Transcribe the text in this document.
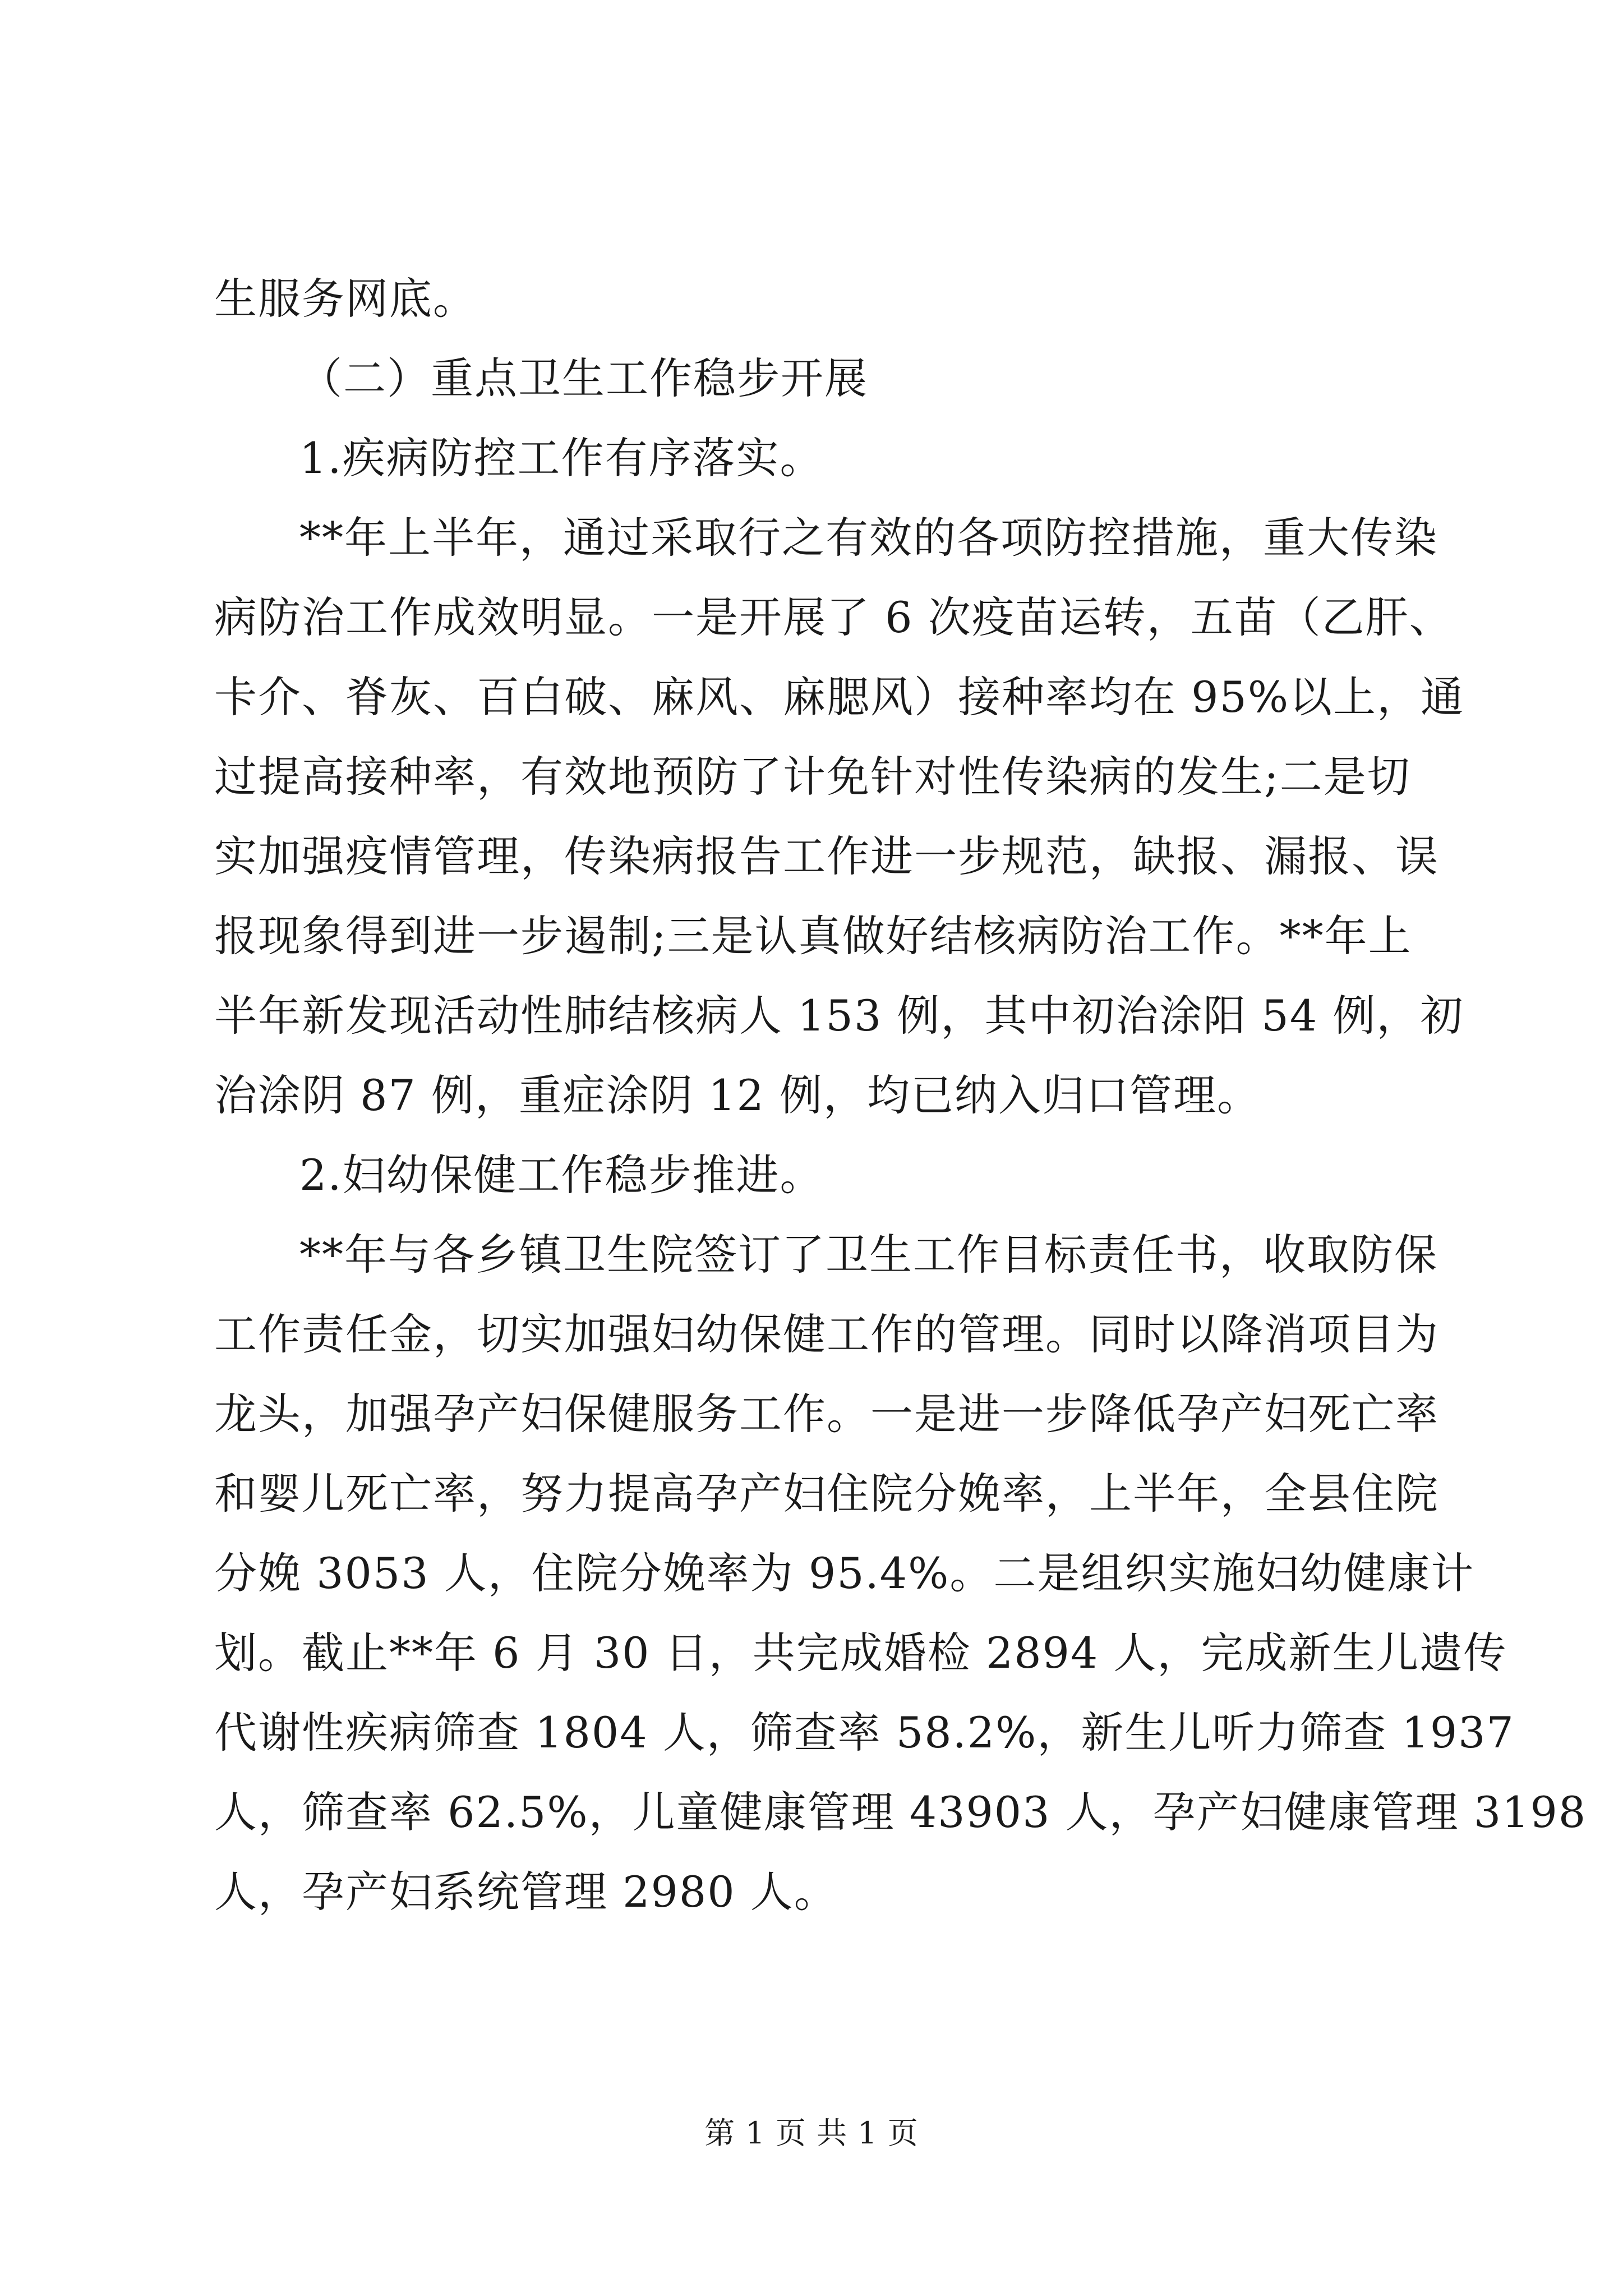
生服务网底。
（二）重点卫生工作稳步开展
1.疾病防控工作有序落实。
**年上半年，通过采取行之有效的各项防控措施，重大传染
病防治工作成效明显。一是开展了 6 次疫苗运转，五苗（乙肝、
卡介、脊灰、百白破、麻风、麻腮风）接种率均在 95%以上，通
过提高接种率，有效地预防了计免针对性传染病的发生;二是切
实加强疫情管理，传染病报告工作进一步规范，缺报、漏报、误
报现象得到进一步遏制;三是认真做好结核病防治工作。**年上
半年新发现活动性肺结核病人 153 例，其中初治涂阳 54 例，初
治涂阴 87 例，重症涂阴 12 例，均已纳入归口管理。
2.妇幼保健工作稳步推进。
**年与各乡镇卫生院签订了卫生工作目标责任书，收取防保
工作责任金，切实加强妇幼保健工作的管理。同时以降消项目为
龙头，加强孕产妇保健服务工作。一是进一步降低孕产妇死亡率
和婴儿死亡率，努力提高孕产妇住院分娩率，上半年，全县住院
分娩 3053 人，住院分娩率为 95.4%。二是组织实施妇幼健康计
划。截止**年 6 月 30 日，共完成婚检 2894 人，完成新生儿遗传
代谢性疾病筛查 1804 人，筛查率 58.2%，新生儿听力筛查 1937
人，筛查率 62.5%，儿童健康管理 43903 人，孕产妇健康管理 3198
人，孕产妇系统管理 2980 人。
第 1 页 共 1 页
